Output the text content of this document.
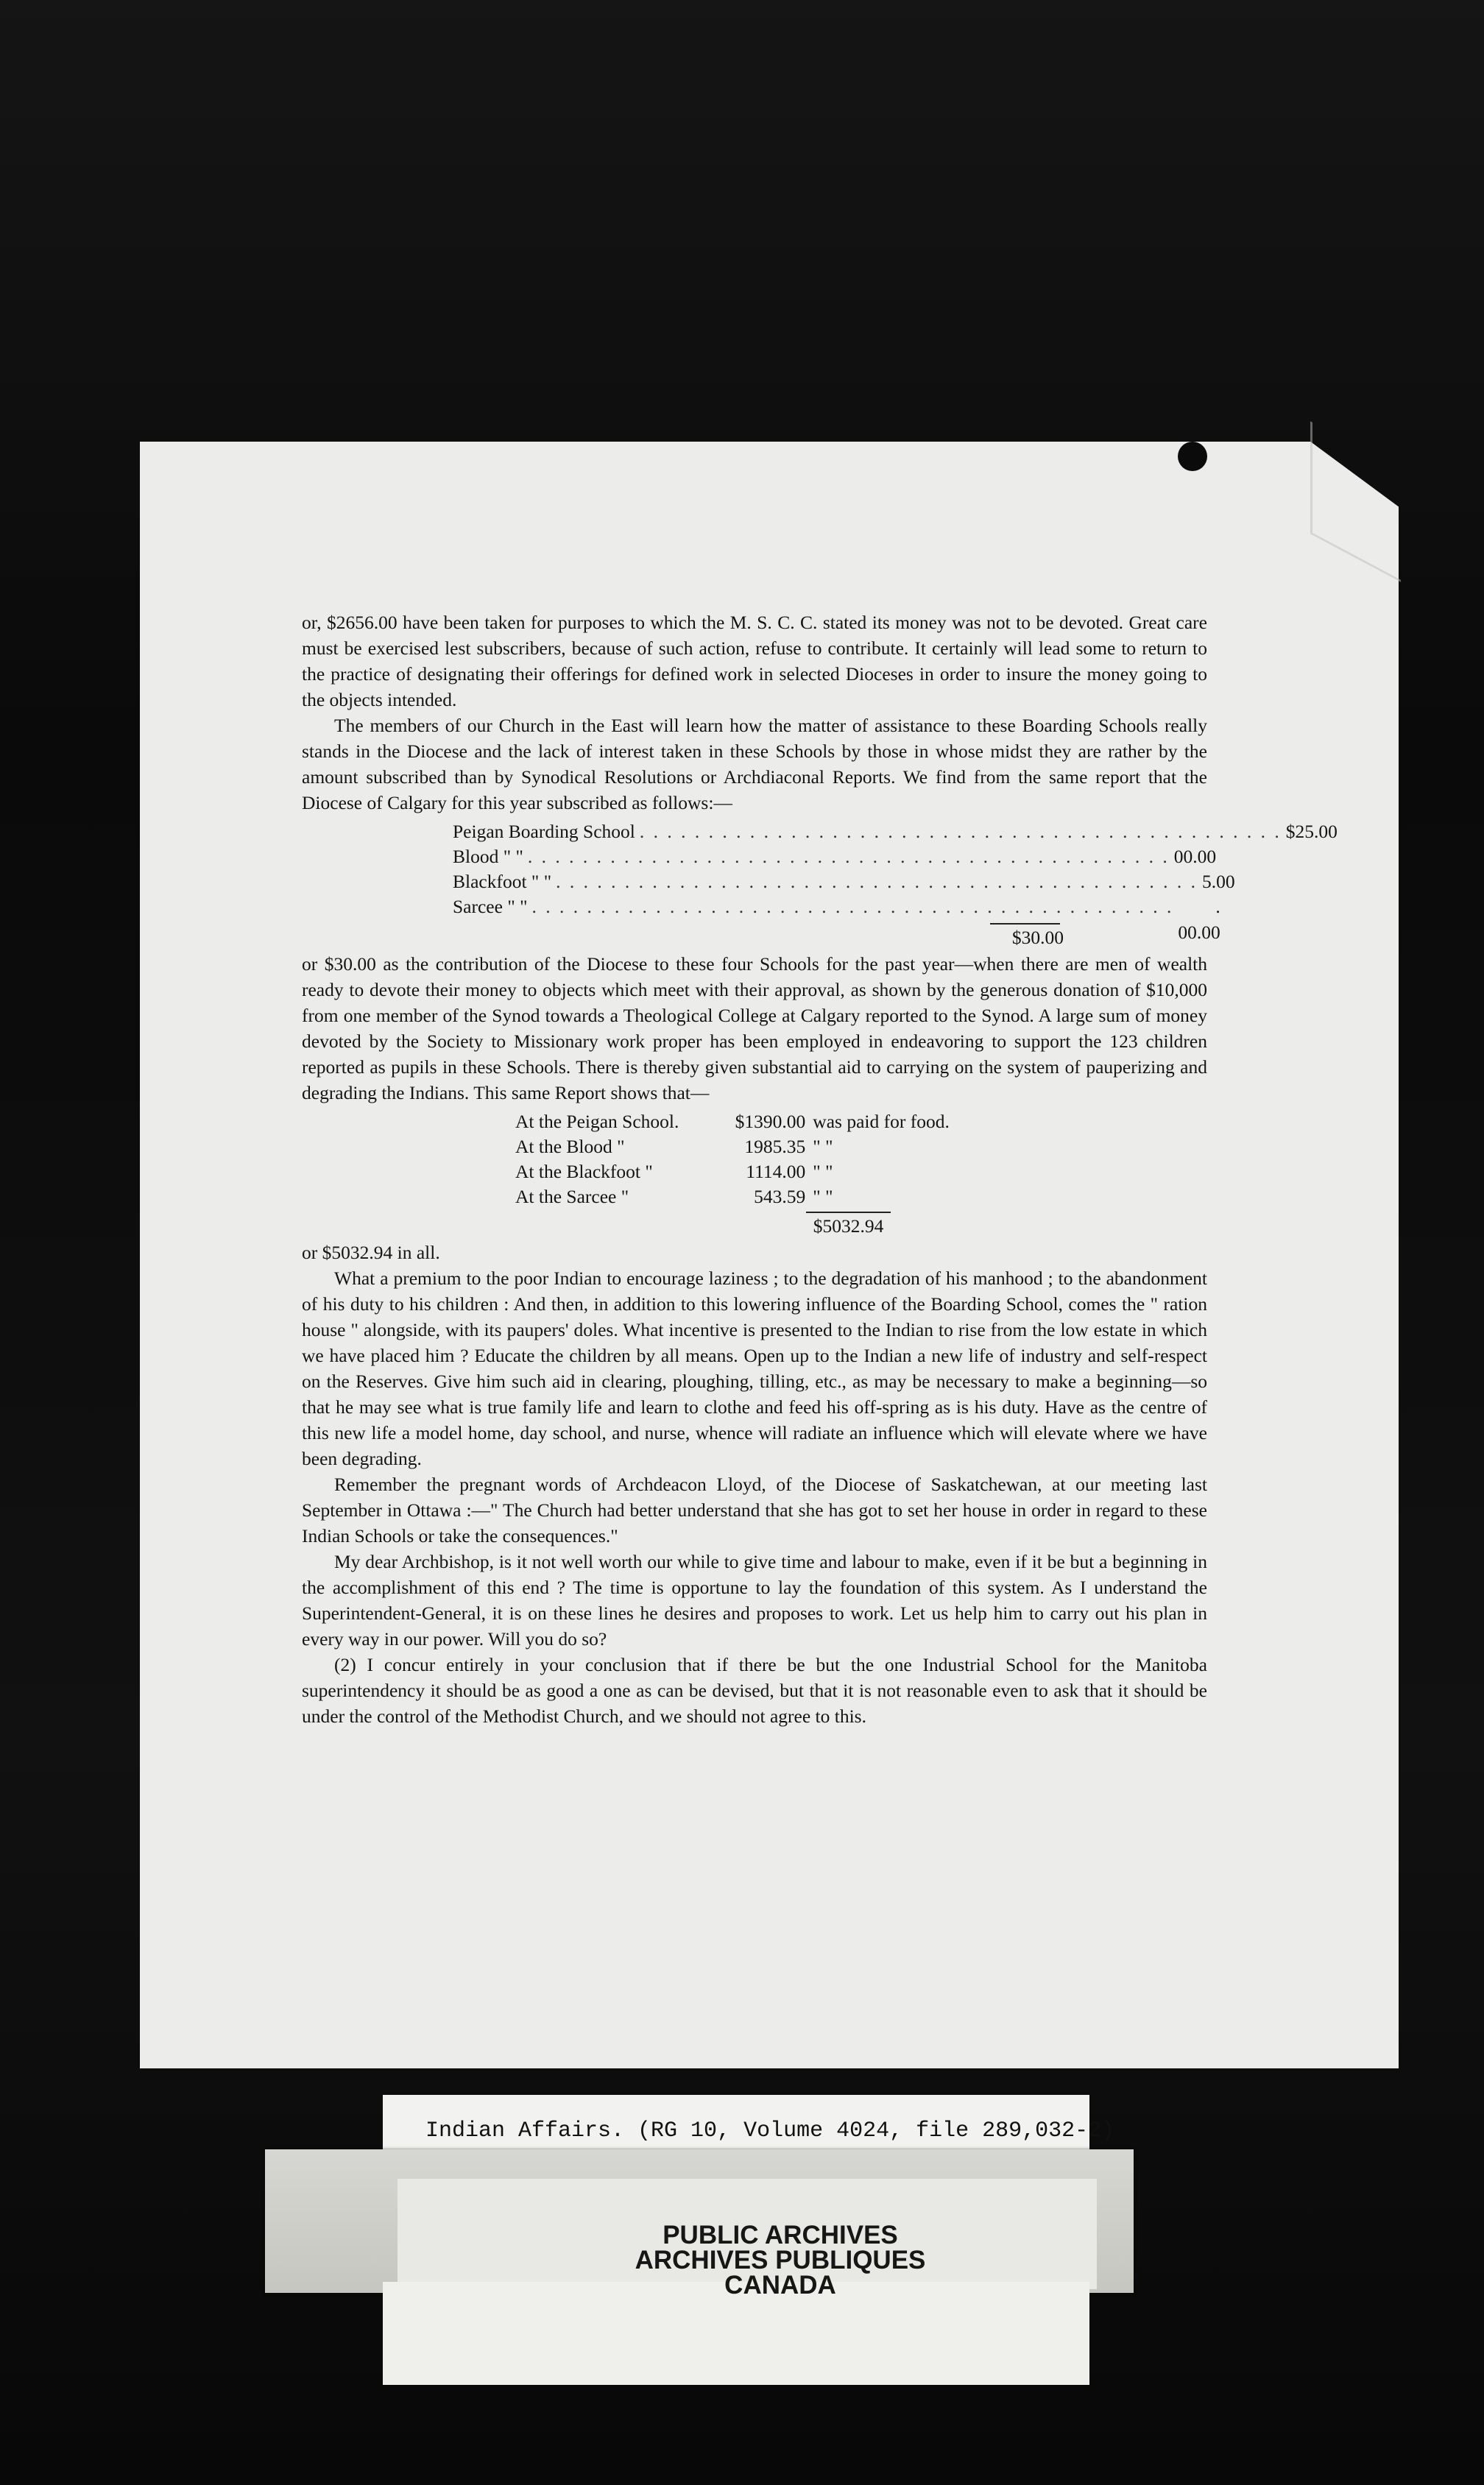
or, $2656.00 have been taken for purposes to which the M. S. C. C. stated its money was not to be devoted. Great care must be exercised lest subscribers, because of such action, refuse to contribute. It certainly will lead some to return to the practice of designating their offerings for defined work in selected Dioceses in order to insure the money going to the objects intended.

The members of our Church in the East will learn how the matter of assistance to these Boarding Schools really stands in the Diocese and the lack of interest taken in these Schools by those in whose midst they are rather by the amount subscribed than by Synodical Resolutions or Archdiaconal Reports. We find from the same report that the Diocese of Calgary for this year subscribed as follows:—

Peigan Boarding School . . . . . . . . . . . . . . . . . . . . . . . . . . . . . . . . . . . . . . . . . . . . . . . $25.00
Blood " " . . . . . . . . . . . . . . . . . . . . . . . . . . . . . . . . . . . . . . . . . . . . . . . 00.00
Blackfoot " " . . . . . . . . . . . . . . . . . . . . . . . . . . . . . . . . . . . . . . . . . . . . . . . 5.00
Sarcee " " . . . . . . . . . . . . . . . . . . . . . . . . . . . . . . . . . . . . . . . . . . . . . . .	. 00.00
$30.00

or $30.00 as the contribution of the Diocese to these four Schools for the past year—when there are men of wealth ready to devote their money to objects which meet with their approval, as shown by the generous donation of $10,000 from one member of the Synod towards a Theological College at Calgary reported to the Synod. A large sum of money devoted by the Society to Missionary work proper has been employed in endeavoring to support the 123 children reported as pupils in these Schools. There is thereby given substantial aid to carrying on the system of pauperizing and degrading the Indians. This same Report shows that—

At the Peigan School.	$1390.00 was paid for food.
At the Blood "	1985.35 " "
At the Blackfoot "	1114.00 " "
At the Sarcee "	543.59 " "
$5032.94

or $5032.94 in all.

What a premium to the poor Indian to encourage laziness ; to the degradation of his manhood ; to the abandonment of his duty to his children : And then, in addition to this lowering influence of the Boarding School, comes the " ration house " alongside, with its paupers' doles. What incentive is presented to the Indian to rise from the low estate in which we have placed him ? Educate the children by all means. Open up to the Indian a new life of industry and self-respect on the Reserves. Give him such aid in clearing, ploughing, tilling, etc., as may be necessary to make a beginning—so that he may see what is true family life and learn to clothe and feed his off-spring as is his duty. Have as the centre of this new life a model home, day school, and nurse, whence will radiate an influence which will elevate where we have been degrading.

Remember the pregnant words of Archdeacon Lloyd, of the Diocese of Saskatchewan, at our meeting last September in Ottawa :—" The Church had better understand that she has got to set her house in order in regard to these Indian Schools or take the consequences."

My dear Archbishop, is it not well worth our while to give time and labour to make, even if it be but a beginning in the accomplishment of this end ? The time is opportune to lay the foundation of this system. As I understand the Superintendent-General, it is on these lines he desires and proposes to work. Let us help him to carry out his plan in every way in our power. Will you do so?

(2) I concur entirely in your conclusion that if there be but the one Industrial School for the Manitoba superintendency it should be as good a one as can be devised, but that it is not reasonable even to ask that it should be under the control of the Methodist Church, and we should not agree to this.

Indian Affairs. (RG 10, Volume 4024, file 289,032-2)
PUBLIC ARCHIVES
ARCHIVES PUBLIQUES
CANADA
